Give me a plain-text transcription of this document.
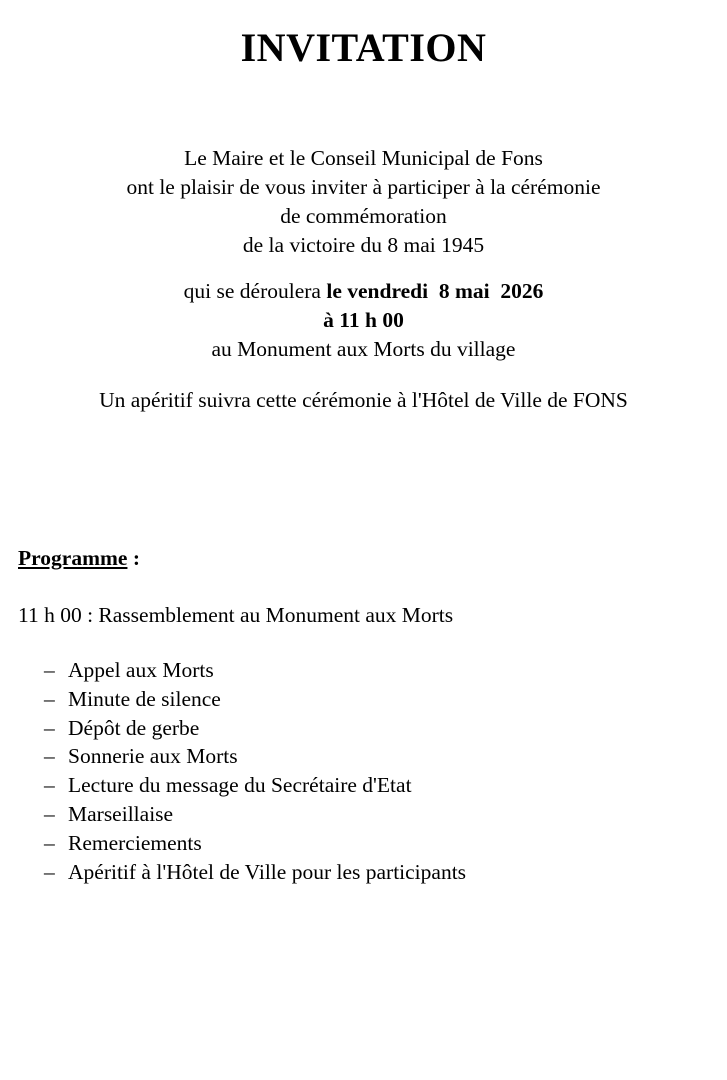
INVITATION
Le Maire et le Conseil Municipal de Fons
ont le plaisir de vous inviter à participer à la cérémonie
de commémoration
de la victoire du 8 mai 1945
qui se déroulera le vendredi  8 mai  2026
à 11 h 00
au Monument aux Morts du village
Un apéritif suivra cette cérémonie à l'Hôtel de Ville de FONS
Programme :
11 h 00 : Rassemblement au Monument aux Morts
– Appel aux Morts
– Minute de silence
– Dépôt de gerbe
– Sonnerie aux Morts
– Lecture du message du Secrétaire d'Etat
– Marseillaise
– Remerciements
– Apéritif à l'Hôtel de Ville pour les participants
